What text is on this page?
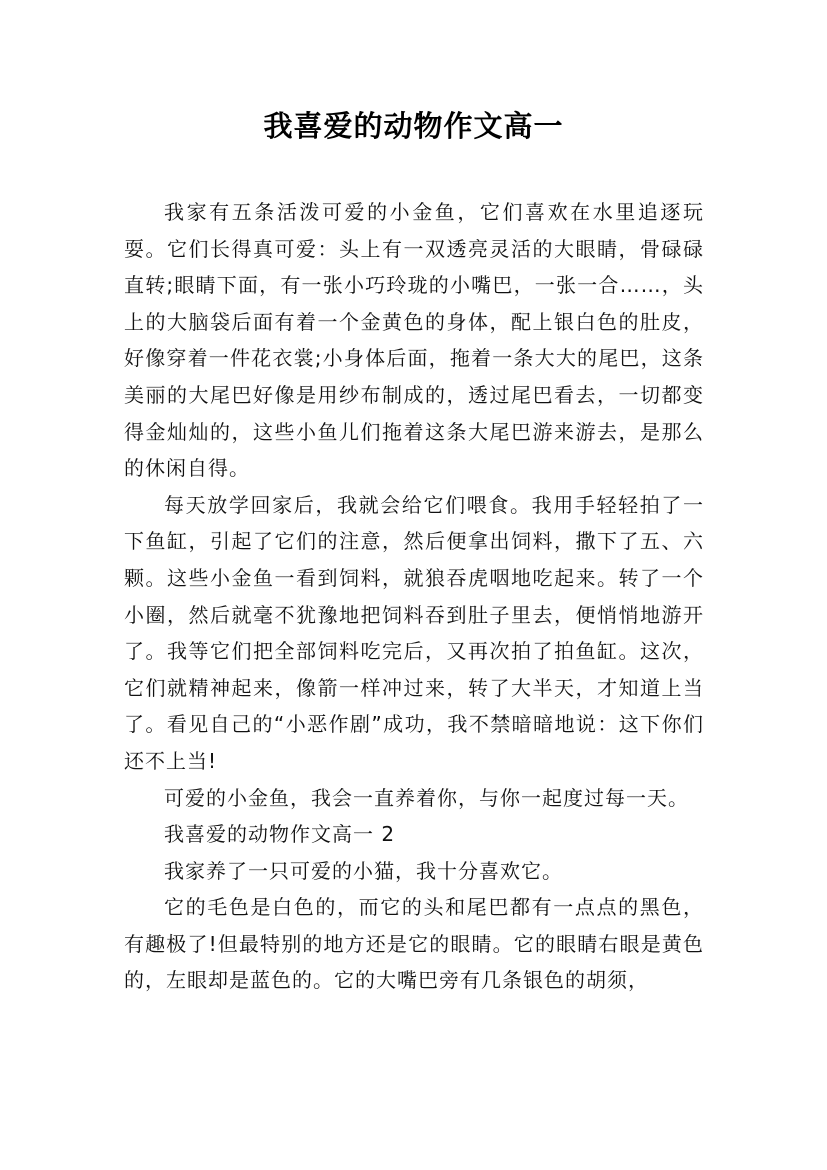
我喜爱的动物作文高一

我家有五条活泼可爱的小金鱼，它们喜欢在水里追逐玩耍。它们长得真可爱：头上有一双透亮灵活的大眼睛，骨碌碌直转;眼睛下面，有一张小巧玲珑的小嘴巴，一张一合……，头上的大脑袋后面有着一个金黄色的身体，配上银白色的肚皮，好像穿着一件花衣裳;小身体后面，拖着一条大大的尾巴，这条美丽的大尾巴好像是用纱布制成的，透过尾巴看去，一切都变得金灿灿的，这些小鱼儿们拖着这条大尾巴游来游去，是那么的休闲自得。

每天放学回家后，我就会给它们喂食。我用手轻轻拍了一下鱼缸，引起了它们的注意，然后便拿出饲料，撒下了五、六颗。这些小金鱼一看到饲料，就狼吞虎咽地吃起来。转了一个小圈，然后就毫不犹豫地把饲料吞到肚子里去，便悄悄地游开了。我等它们把全部饲料吃完后，又再次拍了拍鱼缸。这次，它们就精神起来，像箭一样冲过来，转了大半天，才知道上当了。看见自己的“小恶作剧”成功，我不禁暗暗地说：这下你们还不上当!

可爱的小金鱼，我会一直养着你，与你一起度过每一天。

我喜爱的动物作文高一 2

我家养了一只可爱的小猫，我十分喜欢它。

它的毛色是白色的，而它的头和尾巴都有一点点的黑色，有趣极了!但最特别的地方还是它的眼睛。它的眼睛右眼是黄色的，左眼却是蓝色的。它的大嘴巴旁有几条银色的胡须，
